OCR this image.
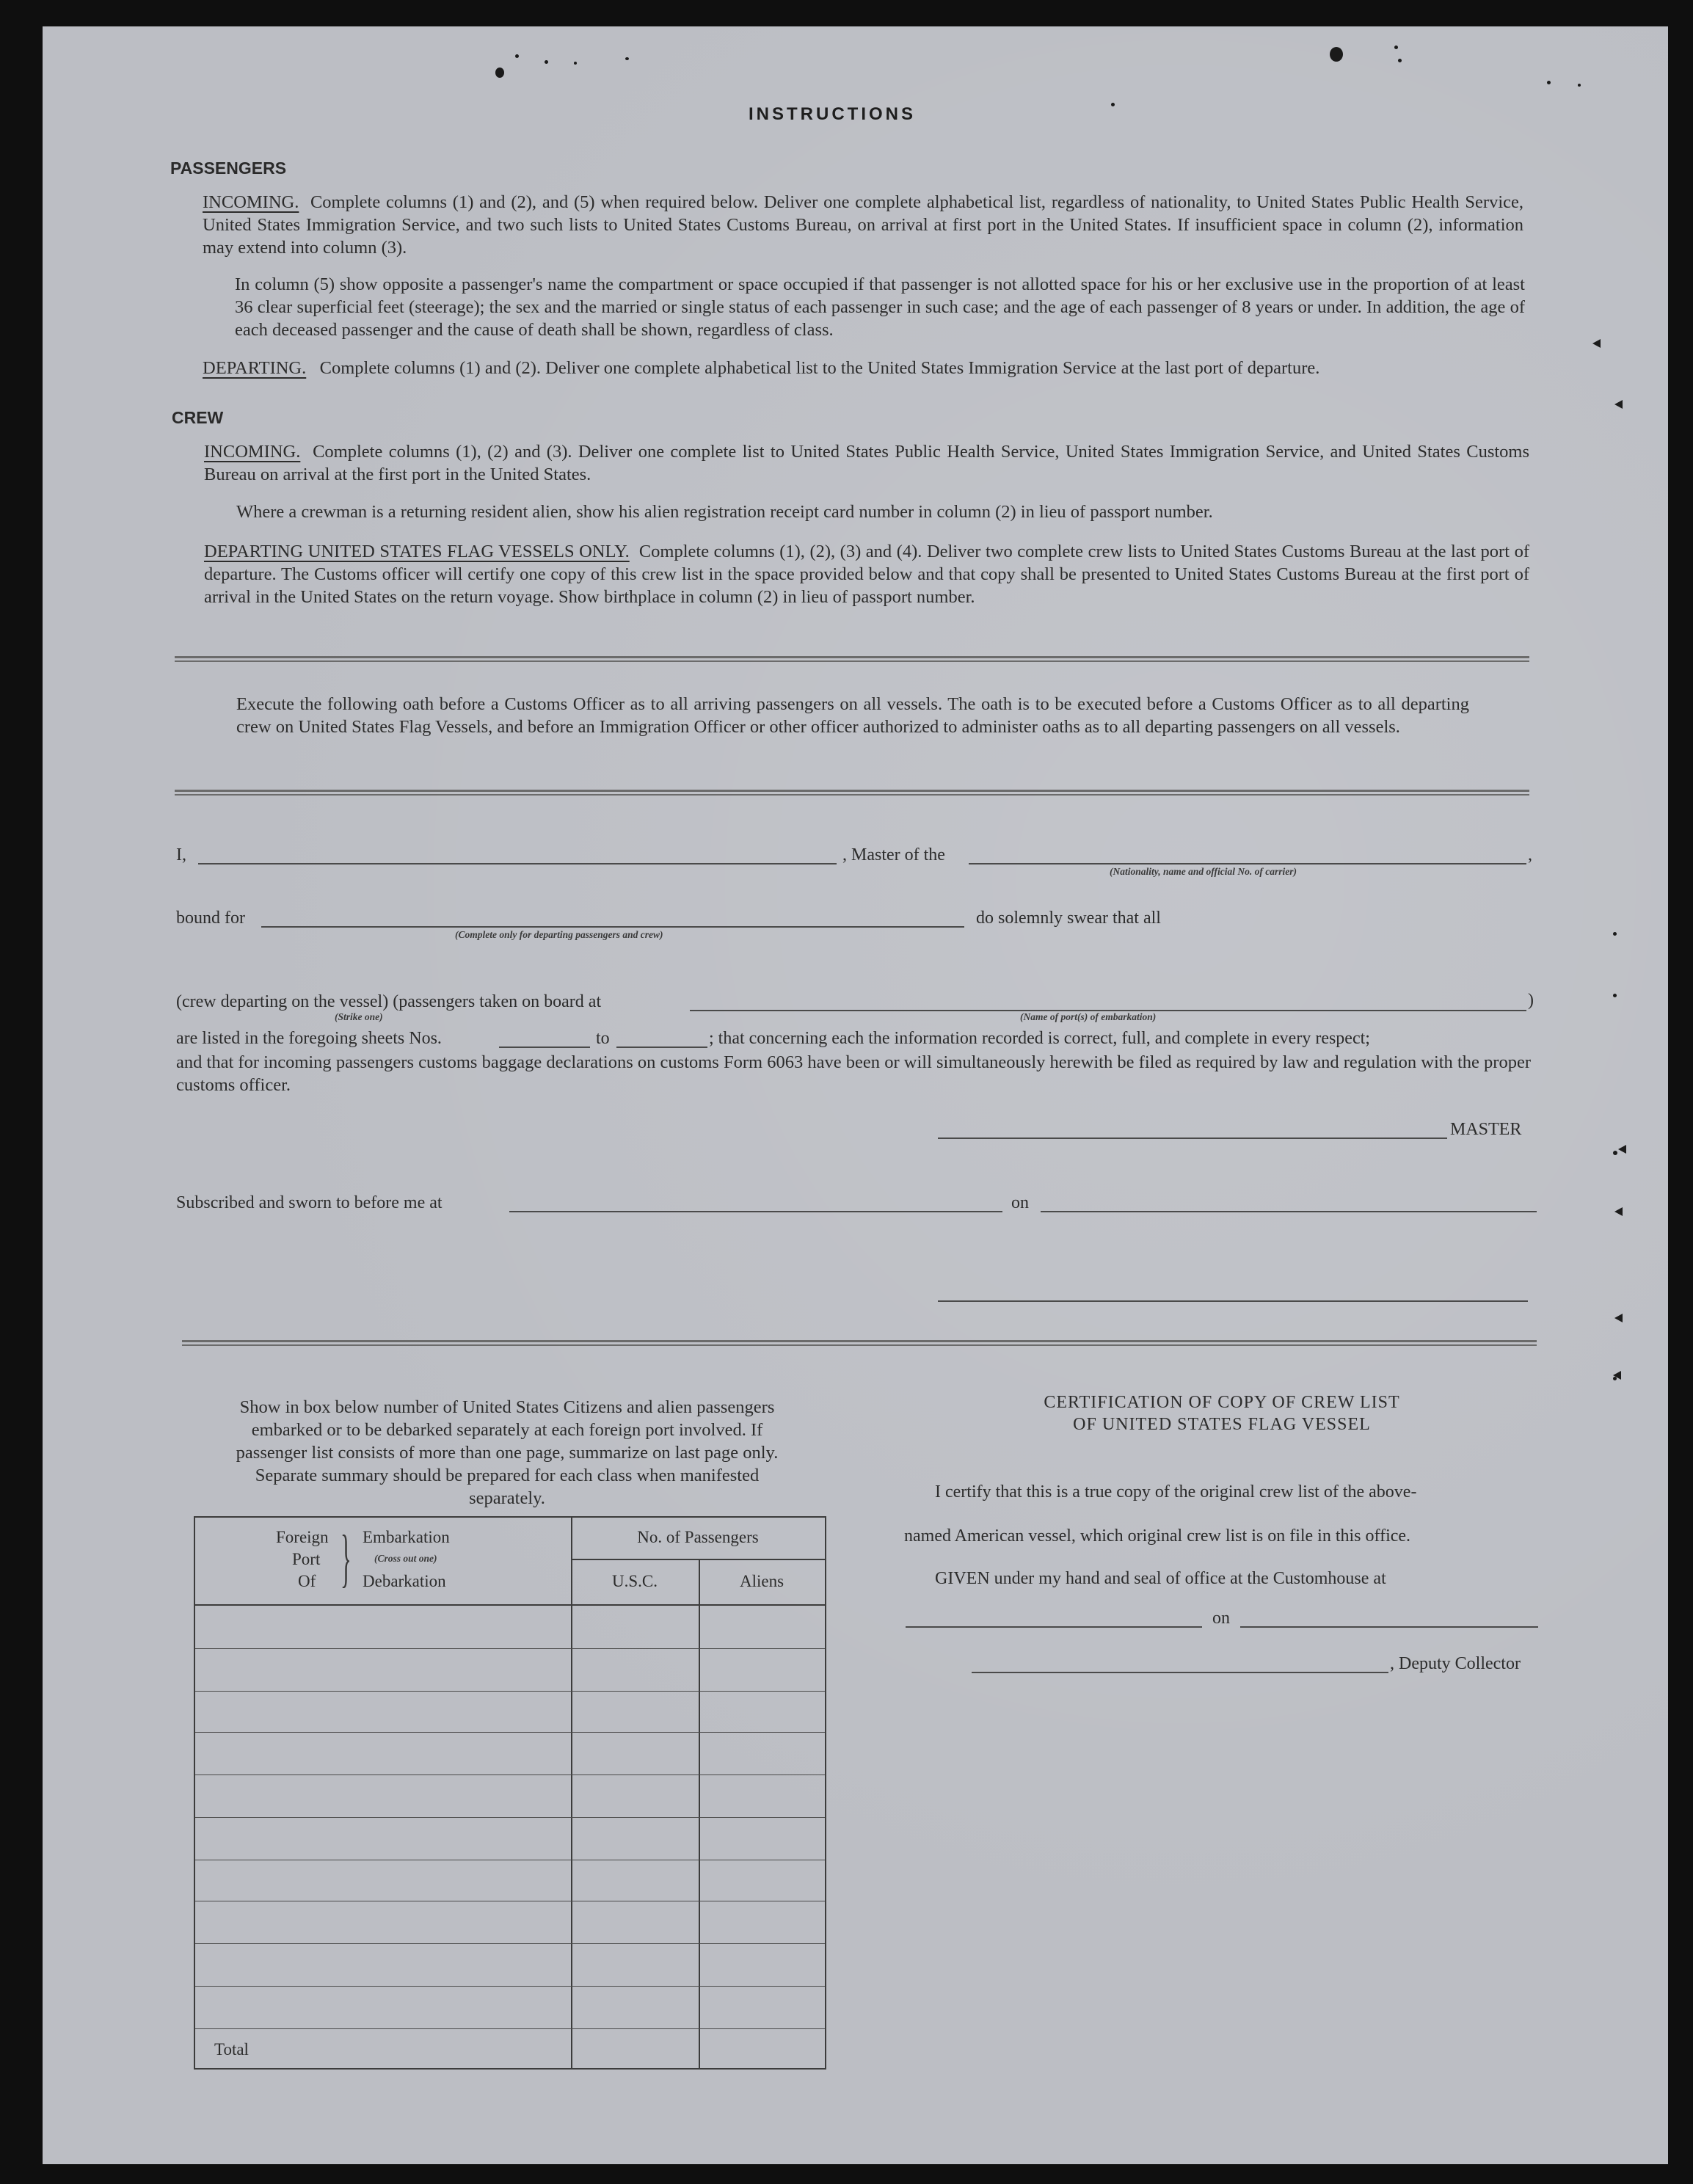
INSTRUCTIONS
PASSENGERS
INCOMING. Complete columns (1) and (2), and (5) when required below. Deliver one complete alphabetical list, regardless of nationality, to United States Public Health Service, United States Immigration Service, and two such lists to United States Customs Bureau, on arrival at first port in the United States. If insufficient space in column (2), information may extend into column (3).
In column (5) show opposite a passenger's name the compartment or space occupied if that passenger is not allotted space for his or her exclusive use in the proportion of at least 36 clear superficial feet (steerage); the sex and the married or single status of each passenger in such case; and the age of each passenger of 8 years or under. In addition, the age of each deceased passenger and the cause of death shall be shown, regardless of class.
DEPARTING. Complete columns (1) and (2). Deliver one complete alphabetical list to the United States Immigration Service at the last port of departure.
CREW
INCOMING. Complete columns (1), (2) and (3). Deliver one complete list to United States Public Health Service, United States Immigration Service, and United States Customs Bureau on arrival at the first port in the United States.
Where a crewman is a returning resident alien, show his alien registration receipt card number in column (2) in lieu of passport number.
DEPARTING UNITED STATES FLAG VESSELS ONLY. Complete columns (1), (2), (3) and (4). Deliver two complete crew lists to United States Customs Bureau at the last port of departure. The Customs officer will certify one copy of this crew list in the space provided below and that copy shall be presented to United States Customs Bureau at the first port of arrival in the United States on the return voyage. Show birthplace in column (2) in lieu of passport number.
Execute the following oath before a Customs Officer as to all arriving passengers on all vessels. The oath is to be executed before a Customs Officer as to all departing crew on United States Flag Vessels, and before an Immigration Officer or other officer authorized to administer oaths as to all departing passengers on all vessels.
I,	, Master of the	,
(Nationality, name and official No. of carrier)
bound for
(Complete only for departing passengers and crew)
do solemnly swear that all
(crew departing on the vessel) (passengers taken on board at
(Strike one)
)
(Name of port(s) of embarkation)
are listed in the foregoing sheets Nos.	to	; that concerning each the information recorded is correct, full, and complete in every respect;
and that for incoming passengers customs baggage declarations on customs Form 6063 have been or will simultaneously herewith be filed as required by law and regulation with the proper customs officer.
MASTER
Subscribed and sworn to before me at	on
Show in box below number of United States Citizens and alien passengers embarked or to be debarked separately at each foreign port involved. If passenger list consists of more than one page, summarize on last page only. Separate summary should be prepared for each class when manifested separately.
Foreign
Port
Of } Embarkation
(Cross out one)
Debarkation
No. of Passengers
U.S.C.	Aliens
Total
CERTIFICATION OF COPY OF CREW LIST
OF UNITED STATES FLAG VESSEL
I certify that this is a true copy of the original crew list of the above-
named American vessel, which original crew list is on file in this office.
GIVEN under my hand and seal of office at the Customhouse at
on
, Deputy Collector
